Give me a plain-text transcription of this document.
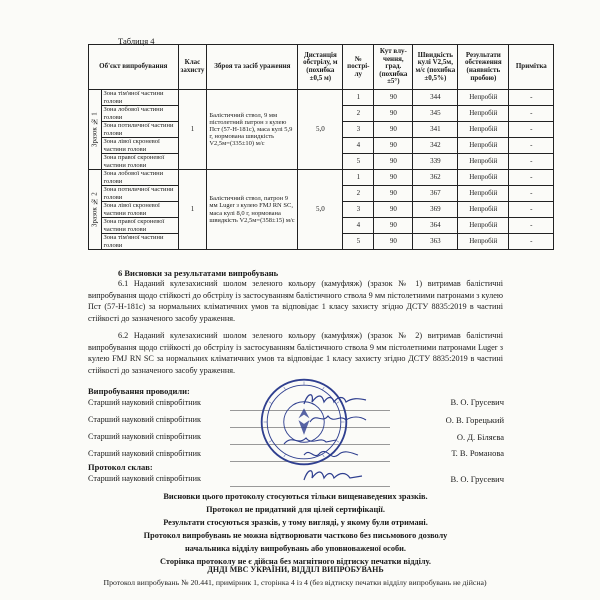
Таблиця 4
Об'єкт випробування		Клас захисту	Зброя та засіб ураження	Дистанція обстрілу, м (похибка ±0,5 м)	№ пострі-лу	Кут влу-чення, град. (похибка ±5°)	Швидкість кулі V2,5м, м/с (похибка ±0,5%)	Результати обстеження (наявність пробою)	Примітка
Зразок № 1	Зона тім'яної частини голови	1	Балістичний ствол, 9 мм пістолетний патрон з кулею Пст (57-Н-181с), маса кулі 5,9 г, нормована швидкість V2,5м=(335±10) м/с	5,0	1	90	344	Непробій	-
	Зона лобової частини голови				2	90	345	Непробій	-
	Зона потиличної частини голови				3	90	341	Непробій	-
	Зона лівої скроневої частини голови				4	90	342	Непробій	-
	Зона правої скроневої частини голови				5	90	339	Непробій	-
Зразок № 2	Зона лобової частини голови	1	Балістичний ствол, патрон 9 мм Luger з кулею FMJ RN SC, маса кулі 8,0 г, нормована швидкість V2,5м=(358±15) м/с	5,0	1	90	362	Непробій	-
	Зона потиличної частини голови				2	90	367	Непробій	-
	Зона лівої скроневої частини голови				3	90	369	Непробій	-
	Зона правої скроневої частини голови				4	90	364	Непробій	-
	Зона тім'яної частини голови				5	90	363	Непробій	-
6 Висновки за результатами випробувань
6.1 Наданий кулезахисний шолом зеленого кольору (камуфляж) (зразок № 1) витримав балістичні випробування щодо стійкості до обстрілу із застосуванням балістичного ствола 9 мм пістолетними патронами з кулею Пст (57-Н-181с) за нормальних кліматичних умов та відповідає 1 класу захисту згідно ДСТУ 8835:2019 в частині стійкості до зазначеного засобу ураження.
6.2 Наданий кулезахисний шолом зеленого кольору (камуфляж) (зразок № 2) витримав балістичні випробування щодо стійкості до обстрілу із застосуванням балістичного ствола 9 мм пістолетними патронами Luger з кулею FMJ RN SC за нормальних кліматичних умов та відповідає 1 класу захисту згідно ДСТУ 8835:2019 в частині стійкості до зазначеного засобу ураження.
Випробування проводили:
Старший науковий співробітник	В. О. Грусевич
Старший науковий співробітник	О. В. Горецький
Старший науковий співробітник	О. Д. Біляєва
Старший науковий співробітник	Т. В. Романова
Протокол склав:
Старший науковий співробітник	В. О. Грусевич
Висновки цього протоколу стосуються тільки вищенаведених зразків.
Протокол не придатний для цілей сертифікації.
Результати стосуються зразків, у тому вигляді, у якому були отримані.
Протокол випробувань не можна відтворювати частково без письмового дозволу
начальника відділу випробувань або уповноваженої особи.
Сторінка протоколу не є дійсна без магнітного відтиску печатки відділу.
ДНДІ МВС УКРАЇНИ, ВІДДІЛ ВИПРОБУВАНЬ
Протокол випробувань № 20.441, примірник 1, сторінка 4 із 4 (без відтиску печатки відділу випробувань не дійсна)
